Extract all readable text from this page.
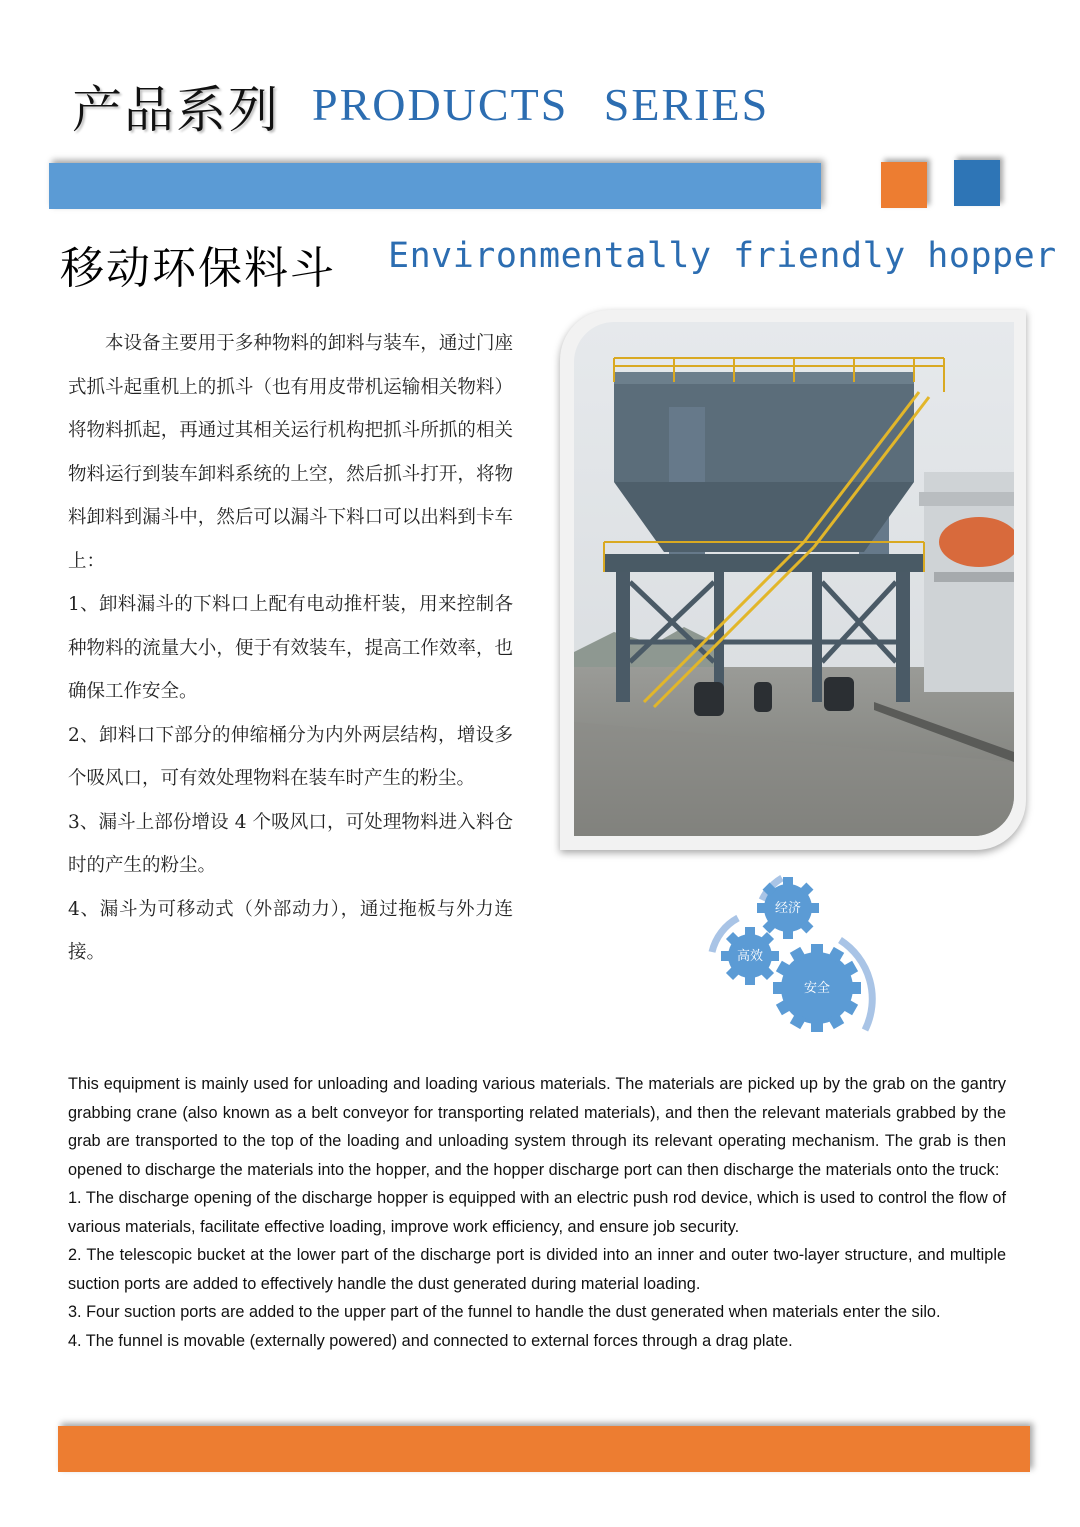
产品系列 PRODUCTS SERIES
移动环保料斗 Environmentally friendly hopper

本设备主要用于多种物料的卸料与装车，通过门座式抓斗起重机上的抓斗（也有用皮带机运输相关物料）将物料抓起，再通过其相关运行机构把抓斗所抓的相关物料运行到装车卸料系统的上空，然后抓斗打开，将物料卸料到漏斗中，然后可以漏斗下料口可以出料到卡车上：

1、卸料漏斗的下料口上配有电动推杆装，用来控制各种物料的流量大小，便于有效装车，提高工作效率，也确保工作安全。

2、卸料口下部分的伸缩桶分为内外两层结构，增设多个吸风口，可有效处理物料在装车时产生的粉尘。

3、漏斗上部份增设 4 个吸风口，可处理物料进入料仓时的产生的粉尘。

4、漏斗为可移动式（外部动力），通过拖板与外力连接。

经济
高效
安全

This equipment is mainly used for unloading and loading various materials. The materials are picked up by the grab on the gantry grabbing crane (also known as a belt conveyor for transporting related materials), and then the relevant materials grabbed by the grab are transported to the top of the loading and unloading system through its relevant operating mechanism. The grab is then opened to discharge the materials into the hopper, and the hopper discharge port can then discharge the materials onto the truck:

1. The discharge opening of the discharge hopper is equipped with an electric push rod device, which is used to control the flow of various materials, facilitate effective loading, improve work efficiency, and ensure job security.

2. The telescopic bucket at the lower part of the discharge port is divided into an inner and outer two-layer structure, and multiple suction ports are added to effectively handle the dust generated during material loading.

3. Four suction ports are added to the upper part of the funnel to handle the dust generated when materials enter the silo.

4. The funnel is movable (externally powered) and connected to external forces through a drag plate.
